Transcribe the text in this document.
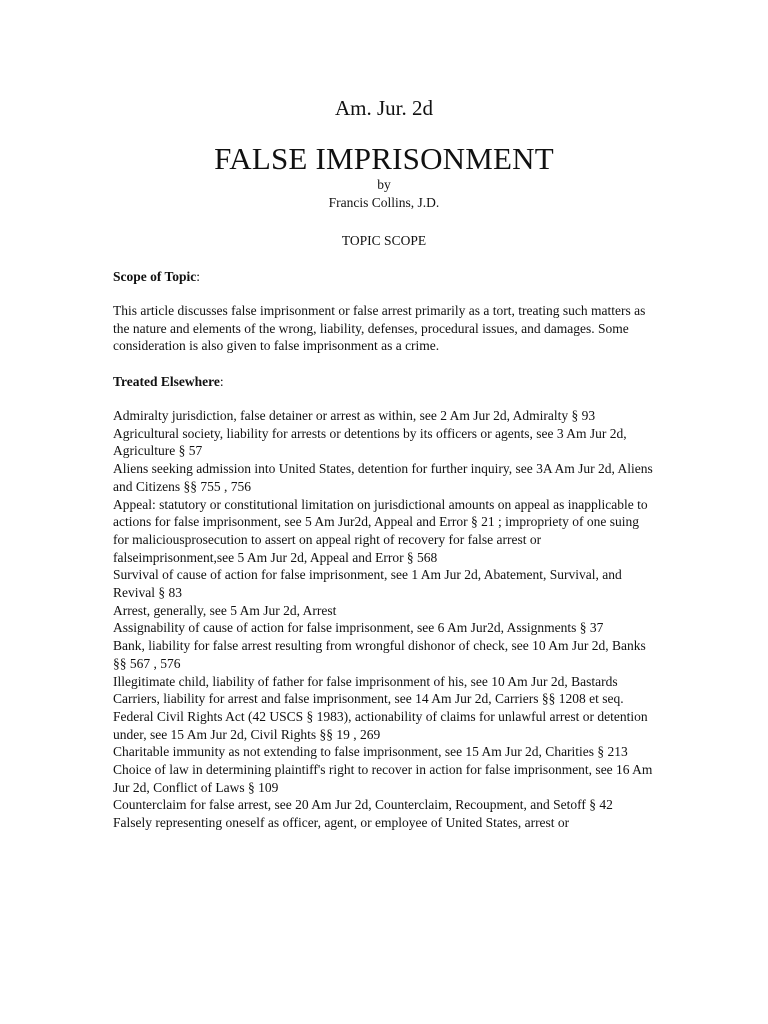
Am. Jur. 2d
FALSE IMPRISONMENT
by
Francis Collins, J.D.
TOPIC SCOPE
Scope of Topic:

This article discusses false imprisonment or false arrest primarily as a tort, treating such matters as the nature and elements of the wrong, liability, defenses, procedural issues, and damages. Some consideration is also given to false imprisonment as a crime.

Treated Elsewhere:
Admiralty jurisdiction, false detainer or arrest as within, see 2 Am Jur 2d, Admiralty § 93
Agricultural society, liability for arrests or detentions by its officers or agents, see 3 Am Jur 2d, Agriculture § 57
Aliens seeking admission into United States, detention for further inquiry, see 3A Am Jur 2d, Aliens and Citizens §§ 755 , 756
Appeal: statutory or constitutional limitation on jurisdictional amounts on appeal as inapplicable to actions for false imprisonment, see 5 Am Jur2d, Appeal and Error § 21 ; impropriety of one suing for maliciousprosecution to assert on appeal right of recovery for false arrest or falseimprisonment,see 5 Am Jur 2d, Appeal and Error § 568
Survival of cause of action for false imprisonment, see 1 Am Jur 2d, Abatement, Survival, and Revival § 83
Arrest, generally, see 5 Am Jur 2d, Arrest
Assignability of cause of action for false imprisonment, see 6 Am Jur2d, Assignments § 37
Bank, liability for false arrest resulting from wrongful dishonor of check, see 10 Am Jur 2d, Banks §§ 567 , 576
Illegitimate child, liability of father for false imprisonment of his, see 10 Am Jur 2d, Bastards
Carriers, liability for arrest and false imprisonment, see 14 Am Jur 2d, Carriers §§ 1208 et seq.
Federal Civil Rights Act (42 USCS § 1983), actionability of claims for unlawful arrest or detention under, see 15 Am Jur 2d, Civil Rights §§ 19 , 269
Charitable immunity as not extending to false imprisonment, see 15 Am Jur 2d, Charities § 213
Choice of law in determining plaintiff's right to recover in action for false imprisonment, see 16 Am Jur 2d, Conflict of Laws § 109
Counterclaim for false arrest, see 20 Am Jur 2d, Counterclaim, Recoupment, and Setoff § 42
Falsely representing oneself as officer, agent, or employee of United States, arrest or
